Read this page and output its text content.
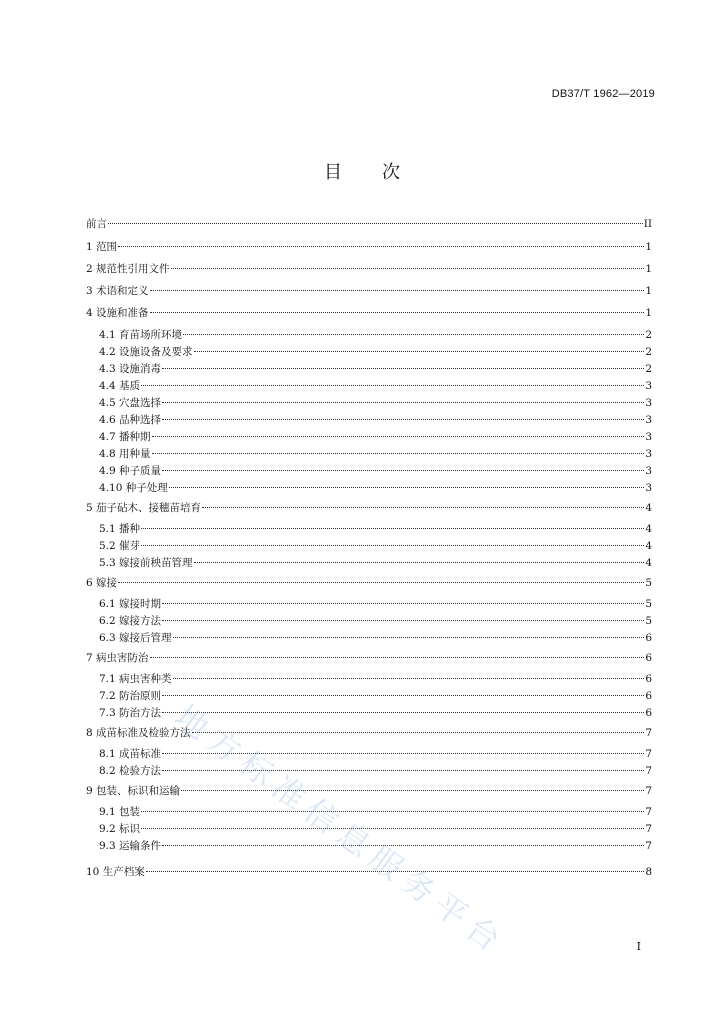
DB37/T 1962—2019
目次
前言	II
1 范围	1
2 规范性引用文件	1
3 术语和定义	1
4 设施和准备	1
4.1 育苗场所环境	2
4.2 设施设备及要求	2
4.3 设施消毒	2
4.4 基质	3
4.5 穴盘选择	3
4.6 品种选择	3
4.7 播种期	3
4.8 用种量	3
4.9 种子质量	3
4.10 种子处理	3
5 茄子砧木、接穗苗培育	4
5.1 播种	4
5.2 催芽	4
5.3 嫁接前秧苗管理	4
6 嫁接	5
6.1 嫁接时期	5
6.2 嫁接方法	5
6.3 嫁接后管理	6
7 病虫害防治	6
7.1 病虫害种类	6
7.2 防治原则	6
7.3 防治方法	6
8 成苗标准及检验方法	7
8.1 成苗标准	7
8.2 检验方法	7
9 包装、标识和运输	7
9.1 包装	7
9.2 标识	7
9.3 运输条件	7
10 生产档案	8
I
地方标准信息服务平台
